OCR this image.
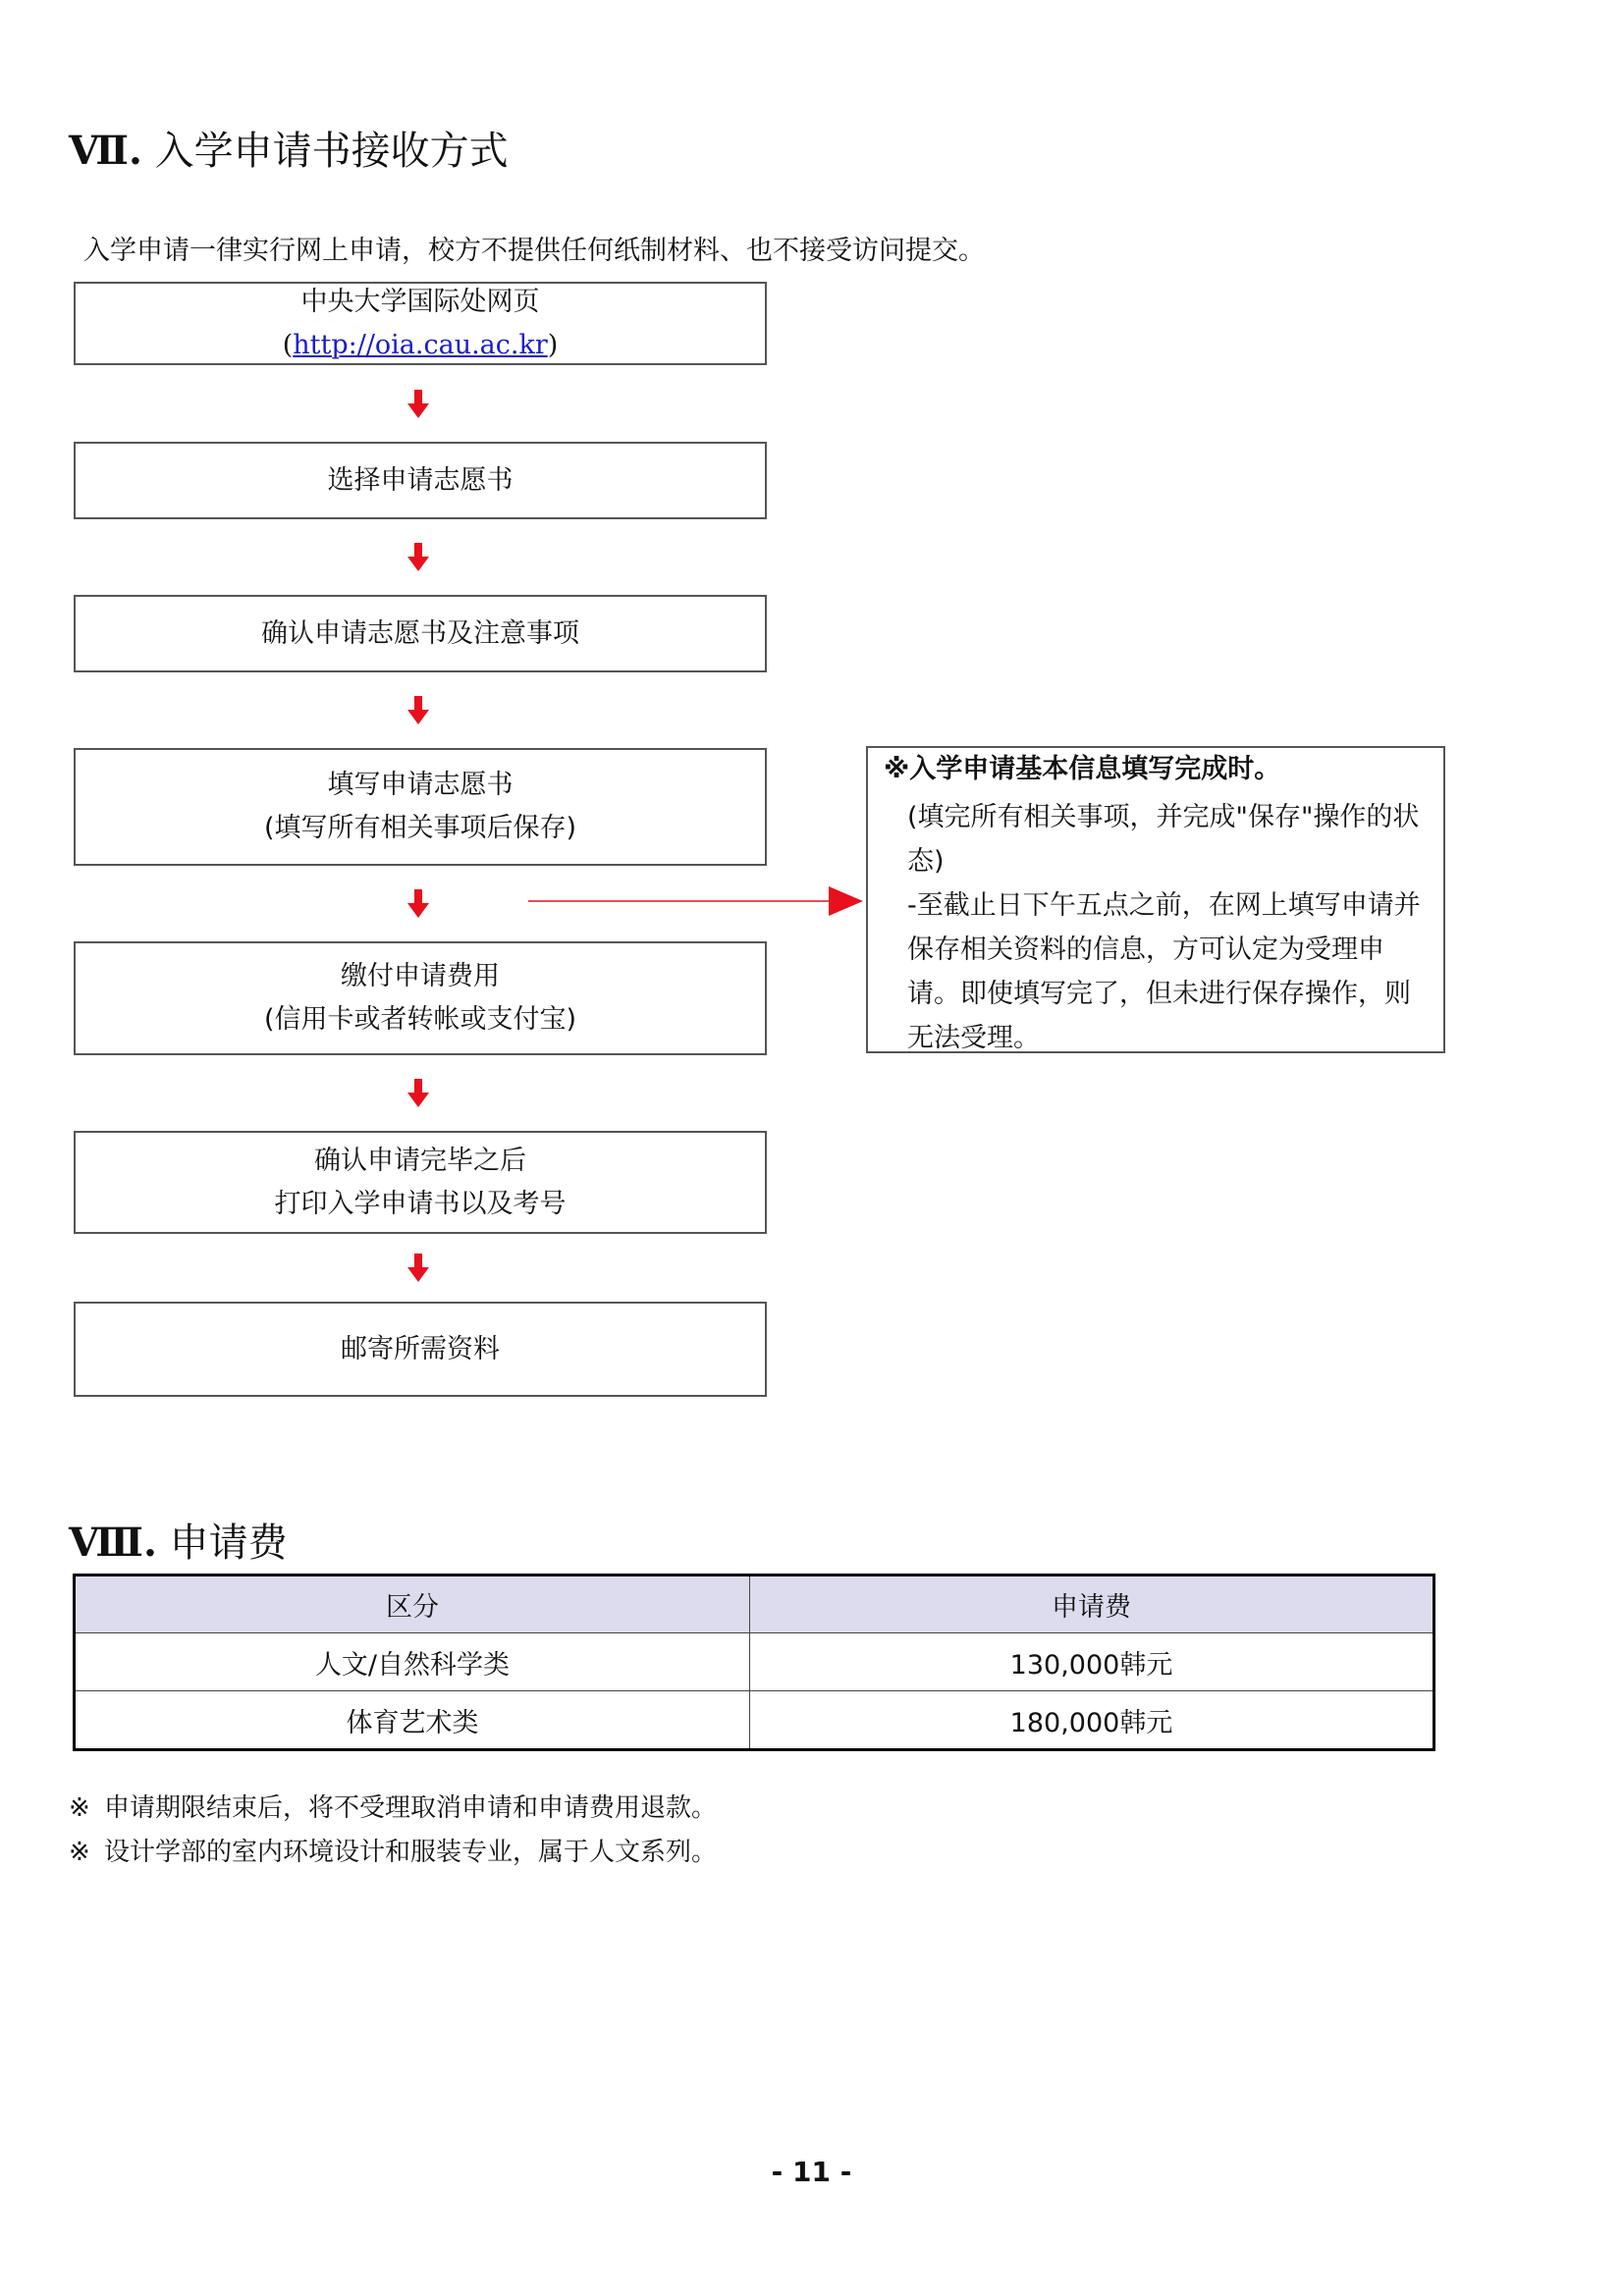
Ⅶ. 入学申请书接收方式
入学申请一律实行网上申请，校方不提供任何纸制材料、也不接受访问提交。
中央大学国际处网页
(http://oia.cau.ac.kr)
选择申请志愿书
确认申请志愿书及注意事项
填写申请志愿书
(填写所有相关事项后保存)
缴付申请费用
(信用卡或者转帐或支付宝)
确认申请完毕之后
打印入学申请书以及考号
邮寄所需资料
※入学申请基本信息填写完成时。

(填完所有相关事项，并完成"保存"操作的状态)

-至截止日下午五点之前，在网上填写申请并保存相关资料的信息，方可认定为受理申请。即使填写完了，但未进行保存操作，则无法受理。

Ⅷ. 申请费
区分	申请费
人文/自然科学类	130,000韩元
体育艺术类	180,000韩元
※ 申请期限结束后，将不受理取消申请和申请费用退款。
※ 设计学部的室内环境设计和服装专业，属于人文系列。
- 11 -
